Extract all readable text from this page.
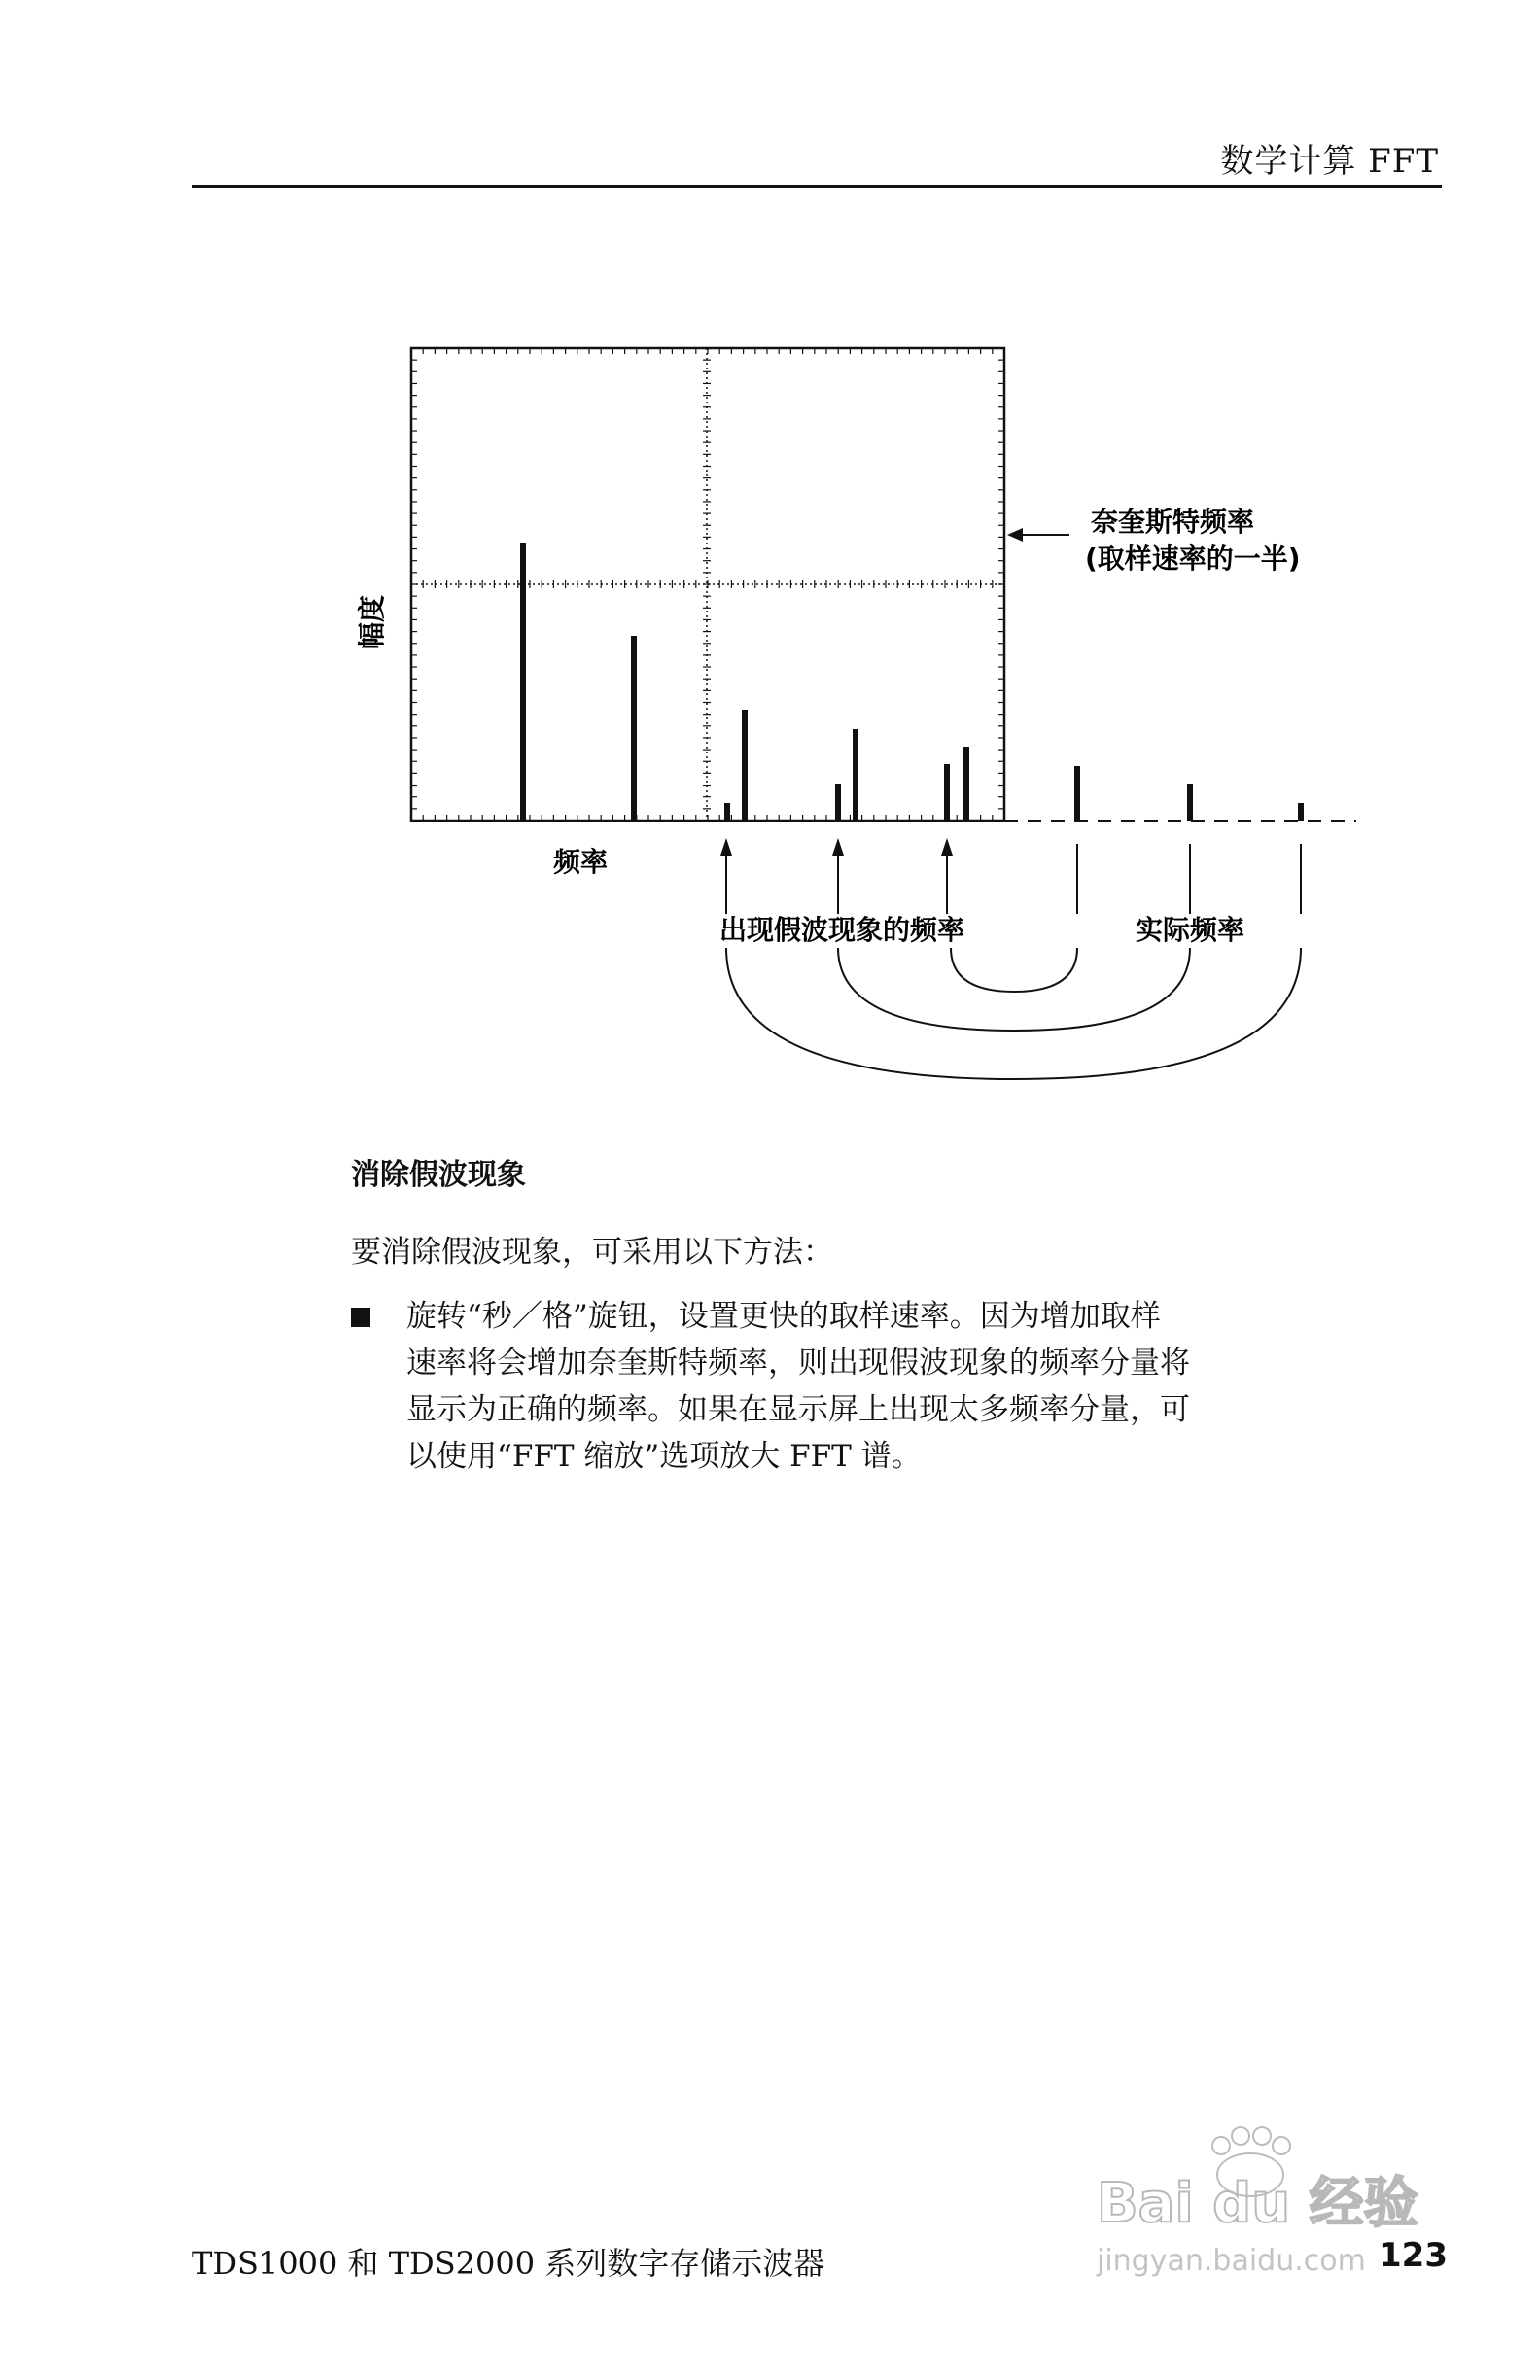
数学计算 FFT
幅度
频率
奈奎斯特频率
(取样速率的一半)
出现假波现象的频率	实际频率
消除假波现象
要消除假波现象，可采用以下方法：
旋转“秒／格”旋钮，设置更快的取样速率。因为增加取样
速率将会增加奈奎斯特频率，则出现假波现象的频率分量将
显示为正确的频率。如果在显示屏上出现太多频率分量，可
以使用“FFT 缩放”选项放大 FFT 谱。
TDS1000 和 TDS2000 系列数字存储示波器	123
Bai du 经验
jingyan.baidu.com
